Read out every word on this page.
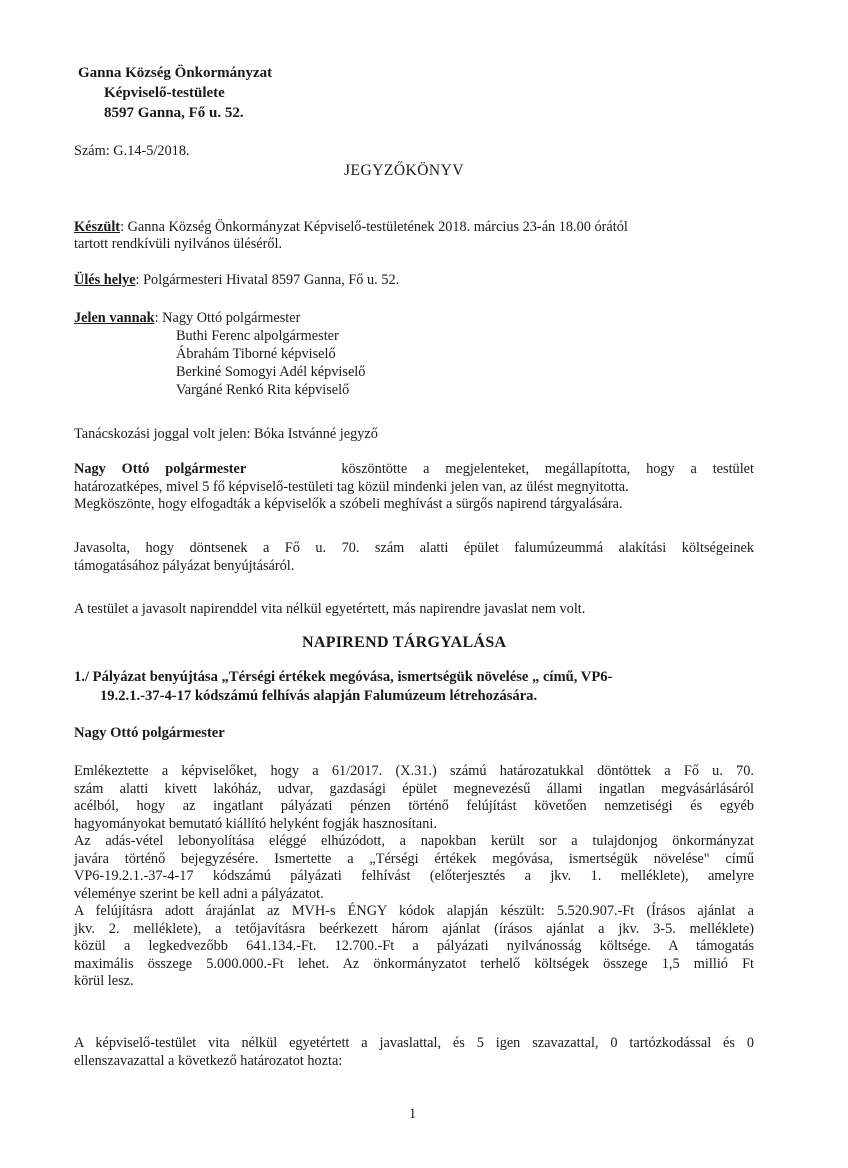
Ganna Község Önkormányzat
Képviselő-testülete
8597 Ganna, Fő u. 52.
Szám: G.14-5/2018.
JEGYZŐKÖNYV
Készült: Ganna Község Önkormányzat Képviselő-testületének 2018. március 23-án 18.00 órától
tartott rendkívüli nyilvános üléséről.
Ülés helye: Polgármesteri Hivatal 8597 Ganna, Fő u. 52.
Jelen vannak: Nagy Ottó polgármester
Buthi Ferenc alpolgármester
Ábrahám Tiborné képviselő
Berkiné Somogyi Adél képviselő
Vargáné Renkó Rita képviselő
Tanácskozási joggal volt jelen: Bóka Istvánné jegyző

Nagy Ottó polgármester	köszöntötte a megjelenteket, megállapította, hogy a testület

határozatképes, mivel 5 fő képviselő-testületi tag közül mindenki jelen van, az ülést megnyitotta.

Megköszönte, hogy elfogadták a képviselők a szóbeli meghívást a sürgős napirend tárgyalására.

Javasolta, hogy döntsenek a Fő u. 70. szám alatti épület falumúzeummá alakítási költségeinek

támogatásához pályázat benyújtásáról.

A testület a javasolt napirenddel vita nélkül egyetértett, más napirendre javaslat nem volt.
NAPIREND TÁRGYALÁSA
1./ Pályázat benyújtása „Térségi értékek megóvása, ismertségük növelése „ című, VP6-
19.2.1.-37-4-17 kódszámú felhívás alapján Falumúzeum létrehozására.
Nagy Ottó polgármester

Emlékeztette a képviselőket, hogy a 61/2017. (X.31.) számú határozatukkal döntöttek a Fő u. 70.

szám alatti kivett lakóház, udvar, gazdasági épület megnevezésű állami ingatlan megvásárlásáról

acélból, hogy az ingatlant pályázati pénzen történő felújítást követően nemzetiségi és egyéb

hagyományokat bemutató kiállító helyként fogják hasznosítani.

Az adás-vétel lebonyolítása eléggé elhúzódott, a napokban került sor a tulajdonjog önkormányzat

javára történő bejegyzésére. Ismertette a „Térségi értékek megóvása, ismertségük növelése" című

VP6-19.2.1.-37-4-17 kódszámú pályázati felhívást (előterjesztés a jkv. 1. melléklete), amelyre

véleménye szerint be kell adni a pályázatot.

A felújításra adott árajánlat az MVH-s ÉNGY kódok alapján készült: 5.520.907.-Ft (Írásos ajánlat a

jkv. 2. melléklete), a tetőjavításra beérkezett három ajánlat (írásos ajánlat a jkv. 3-5. melléklete)

közül a legkedvezőbb 641.134.-Ft. 12.700.-Ft a pályázati nyilvánosság költsége. A támogatás

maximális összege 5.000.000.-Ft lehet. Az önkormányzatot terhelő költségek összege 1,5 millió Ft

körül lesz.

A képviselő-testület vita nélkül egyetértett a javaslattal, és 5 igen szavazattal, 0 tartózkodással és 0

ellenszavazattal a következő határozatot hozta:

1
